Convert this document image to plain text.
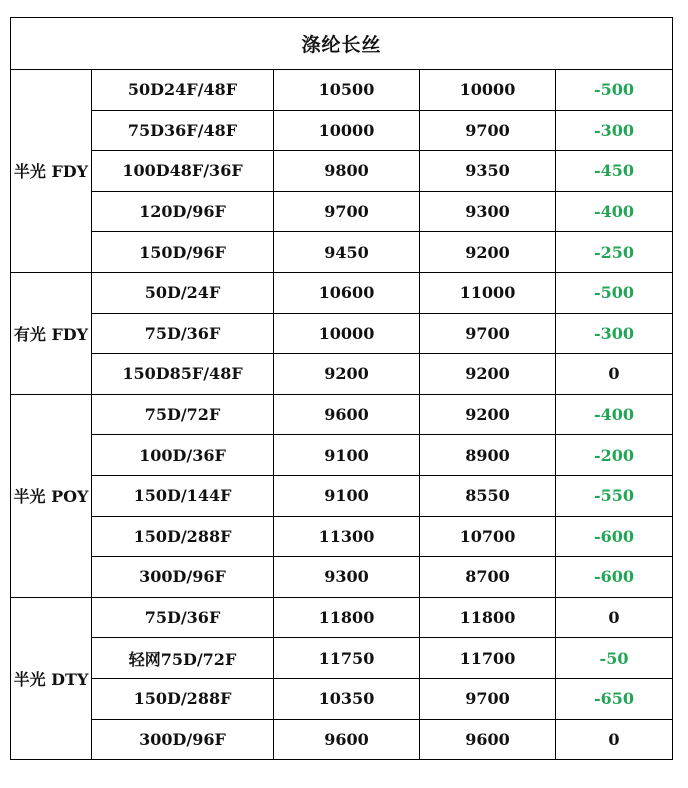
涤纶长丝				
半光 FDY	50D24F/48F	10500	10000	-500
	75D36F/48F	10000	9700	-300
	100D48F/36F	9800	9350	-450
	120D/96F	9700	9300	-400
	150D/96F	9450	9200	-250
有光 FDY	50D/24F	10600	11000	-500
	75D/36F	10000	9700	-300
	150D85F/48F	9200	9200	0
半光 POY	75D/72F	9600	9200	-400
	100D/36F	9100	8900	-200
	150D/144F	9100	8550	-550
	150D/288F	11300	10700	-600
	300D/96F	9300	8700	-600
半光 DTY	75D/36F	11800	11800	0
	轻网75D/72F	11750	11700	-50
	150D/288F	10350	9700	-650
	300D/96F	9600	9600	0
